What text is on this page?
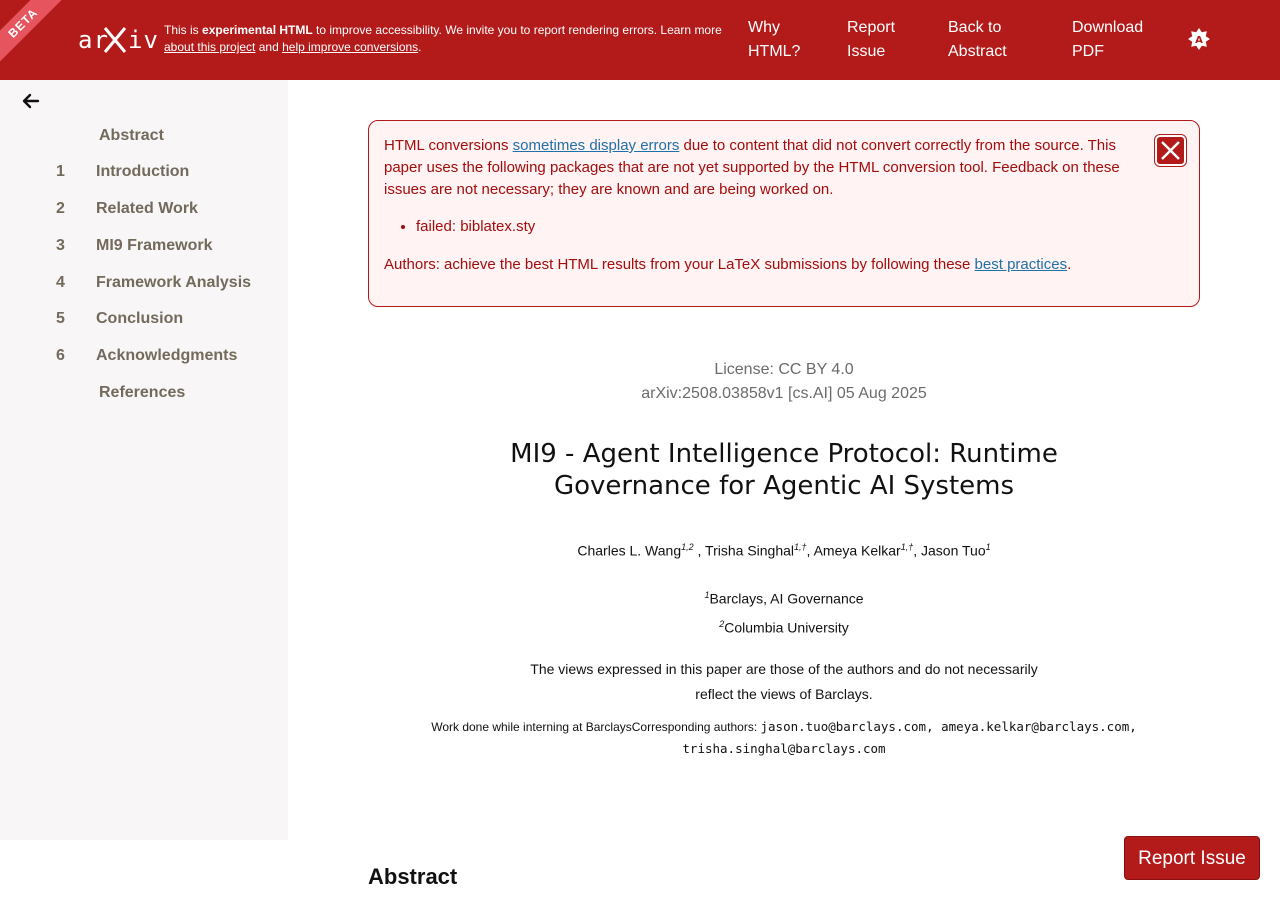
BETA	ar iv This is experimental HTML to improve accessibility. We invite you to report rendering errors. Learn more about this project and help improve conversions.
Why
HTML?
Report
Issue
Back to
Abstract
Download
PDF
A
Abstract
1	Introduction
2	Related Work
3	MI9 Framework
4	Framework Analysis
5	Conclusion
6	Acknowledgments
References

HTML conversions sometimes display errors due to content that did not convert correctly from the source. This paper uses the following packages that are not yet supported by the HTML conversion tool. Feedback on these issues are not necessary; they are known and are being worked on.

• failed: biblatex.sty

Authors: achieve the best HTML results from your LaTeX submissions by following these best practices.

License: CC BY 4.0
arXiv:2508.03858v1 [cs.AI] 05 Aug 2025
MI9 - Agent Intelligence Protocol: Runtime
Governance for Agentic AI Systems
Charles L. Wang$^{1,2}$ , Trisha Singhal$^{1,\dagger}$, Ameya Kelkar$^{1,\dagger}$, Jason Tuo$^1$
$^1$Barclays, AI Governance
$^2$Columbia University
The views expressed in this paper are those of the authors and do not necessarily
reflect the views of Barclays.
Work done while interning at BarclaysCorresponding authors: jason.tuo@barclays.com, ameya.kelkar@barclays.com,
trisha.singhal@barclays.com
Abstract
Report Issue
